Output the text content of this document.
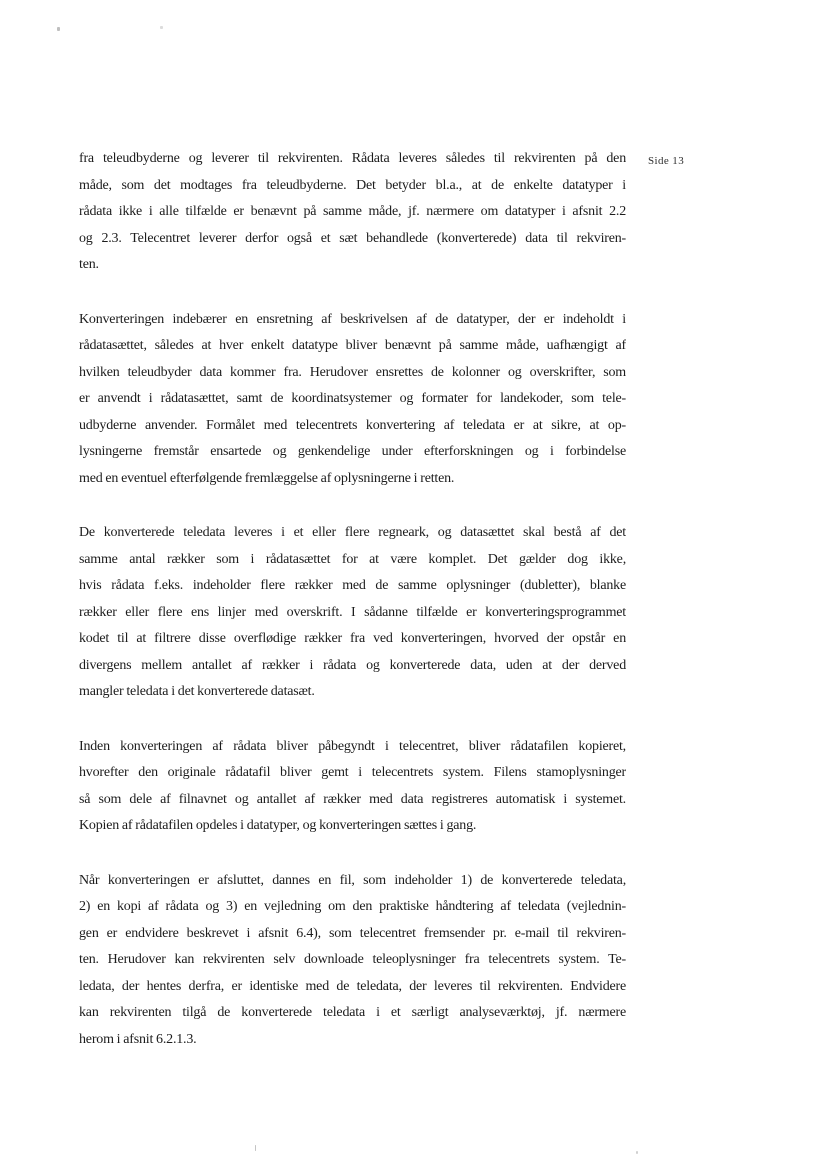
Side 13
fra teleudbyderne og leverer til rekvirenten. Rådata leveres således til rekvirenten på den
måde, som det modtages fra teleudbyderne. Det betyder bl.a., at de enkelte datatyper i
rådata ikke i alle tilfælde er benævnt på samme måde, jf. nærmere om datatyper i afsnit 2.2
og 2.3. Telecentret leverer derfor også et sæt behandlede (konverterede) data til rekviren-
ten.
Konverteringen indebærer en ensretning af beskrivelsen af de datatyper, der er indeholdt i
rådatasættet, således at hver enkelt datatype bliver benævnt på samme måde, uafhængigt af
hvilken teleudbyder data kommer fra. Herudover ensrettes de kolonner og overskrifter, som
er anvendt i rådatasættet, samt de koordinatsystemer og formater for landekoder, som tele-
udbyderne anvender. Formålet med telecentrets konvertering af teledata er at sikre, at op-
lysningerne fremstår ensartede og genkendelige under efterforskningen og i forbindelse
med en eventuel efterfølgende fremlæggelse af oplysningerne i retten.
De konverterede teledata leveres i et eller flere regneark, og datasættet skal bestå af det
samme antal rækker som i rådatasættet for at være komplet. Det gælder dog ikke,
hvis rådata f.eks. indeholder flere rækker med de samme oplysninger (dubletter), blanke
rækker eller flere ens linjer med overskrift. I sådanne tilfælde er konverteringsprogrammet
kodet til at filtrere disse overflødige rækker fra ved konverteringen, hvorved der opstår en
divergens mellem antallet af rækker i rådata og konverterede data, uden at der derved
mangler teledata i det konverterede datasæt.
Inden konverteringen af rådata bliver påbegyndt i telecentret, bliver rådatafilen kopieret,
hvorefter den originale rådatafil bliver gemt i telecentrets system. Filens stamoplysninger
så som dele af filnavnet og antallet af rækker med data registreres automatisk i systemet.
Kopien af rådatafilen opdeles i datatyper, og konverteringen sættes i gang.
Når konverteringen er afsluttet, dannes en fil, som indeholder 1) de konverterede teledata,
2) en kopi af rådata og 3) en vejledning om den praktiske håndtering af teledata (vejlednin-
gen er endvidere beskrevet i afsnit 6.4), som telecentret fremsender pr. e-mail til rekviren-
ten. Herudover kan rekvirenten selv downloade teleoplysninger fra telecentrets system. Te-
ledata, der hentes derfra, er identiske med de teledata, der leveres til rekvirenten. Endvidere
kan rekvirenten tilgå de konverterede teledata i et særligt analyseværktøj, jf. nærmere
herom i afsnit 6.2.1.3.
